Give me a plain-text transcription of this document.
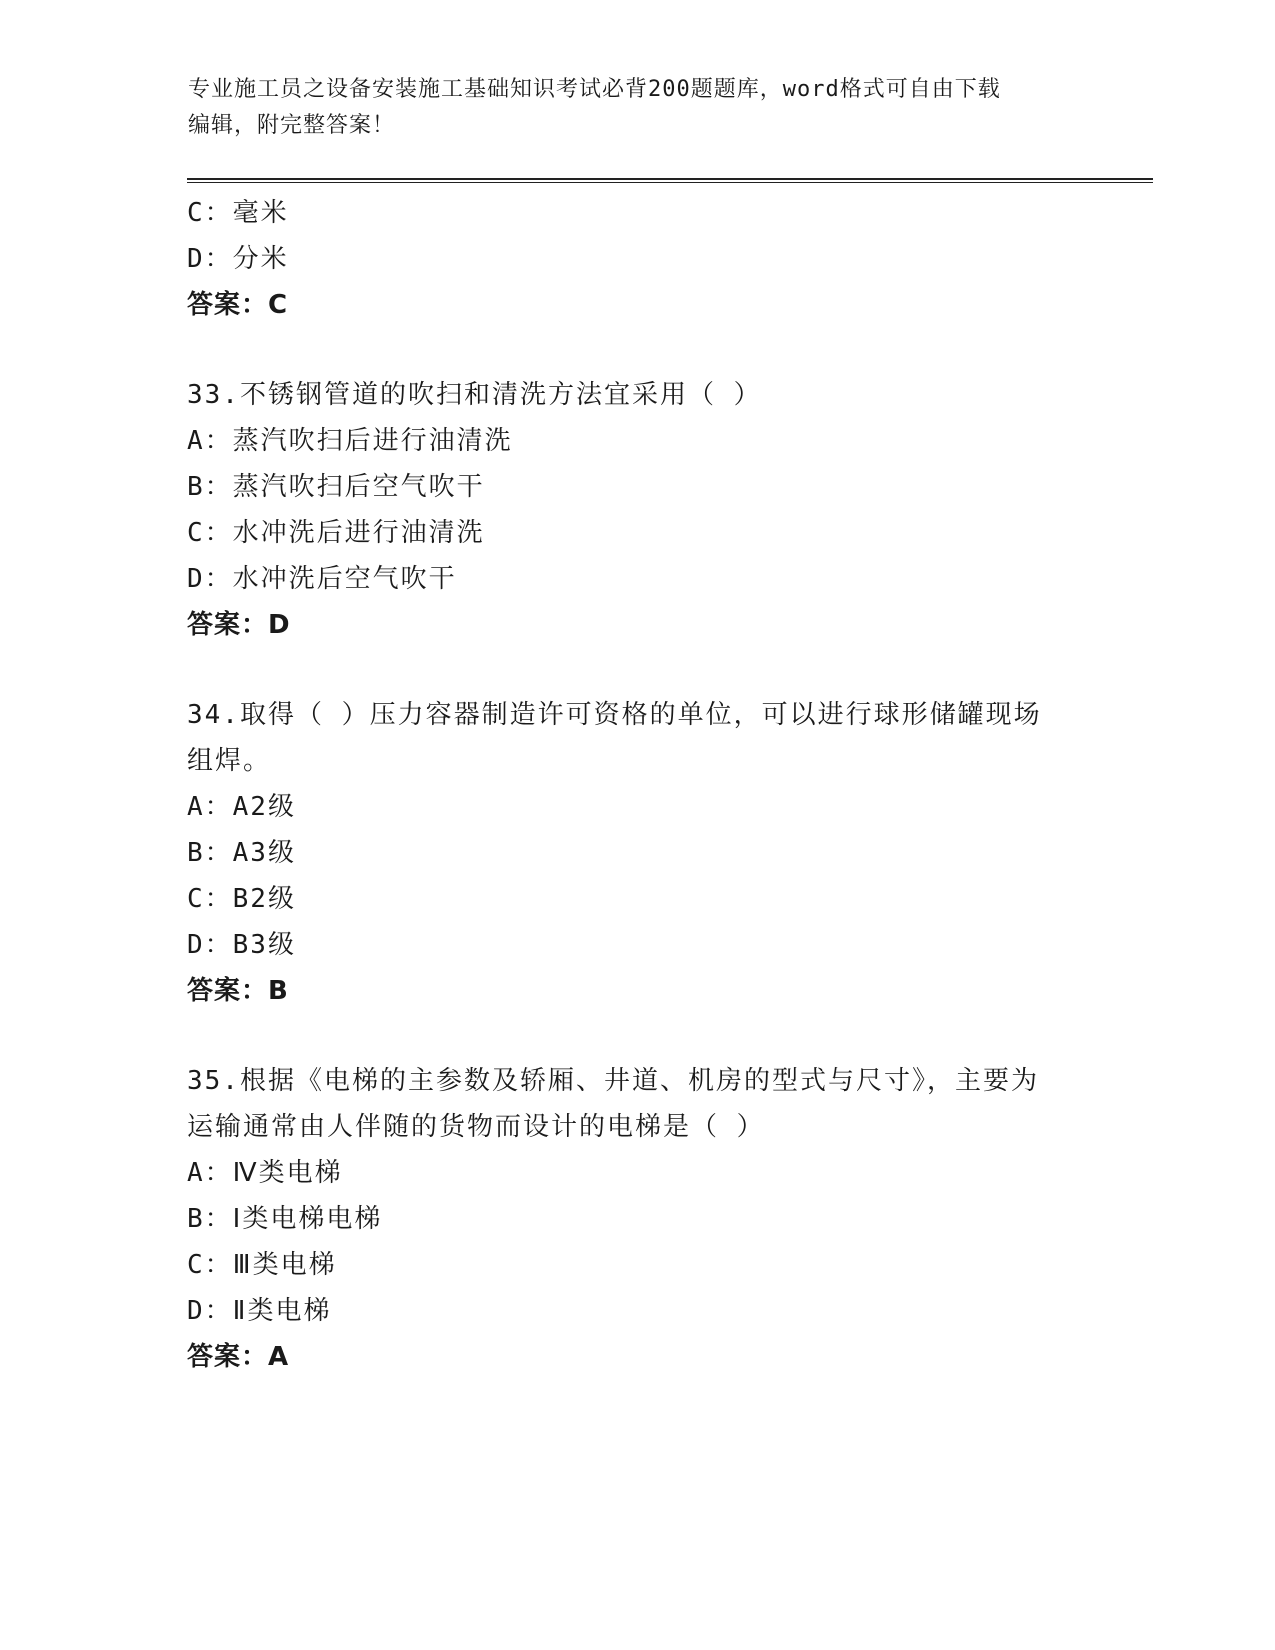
专业施工员之设备安装施工基础知识考试必背200题题库，word格式可自由下载
编辑，附完整答案！
C：毫米
D：分米
答案：C
33.不锈钢管道的吹扫和清洗方法宜采用（ ）
A：蒸汽吹扫后进行油清洗
B：蒸汽吹扫后空气吹干
C：水冲洗后进行油清洗
D：水冲洗后空气吹干
答案：D
34.取得（ ）压力容器制造许可资格的单位，可以进行球形储罐现场
组焊。
A：A2级
B：A3级
C：B2级
D：B3级
答案：B
35.根据《电梯的主参数及轿厢、井道、机房的型式与尺寸》，主要为
运输通常由人伴随的货物而设计的电梯是（ ）
A：Ⅳ类电梯
B：Ⅰ类电梯电梯
C：Ⅲ类电梯
D：Ⅱ类电梯
答案：A
